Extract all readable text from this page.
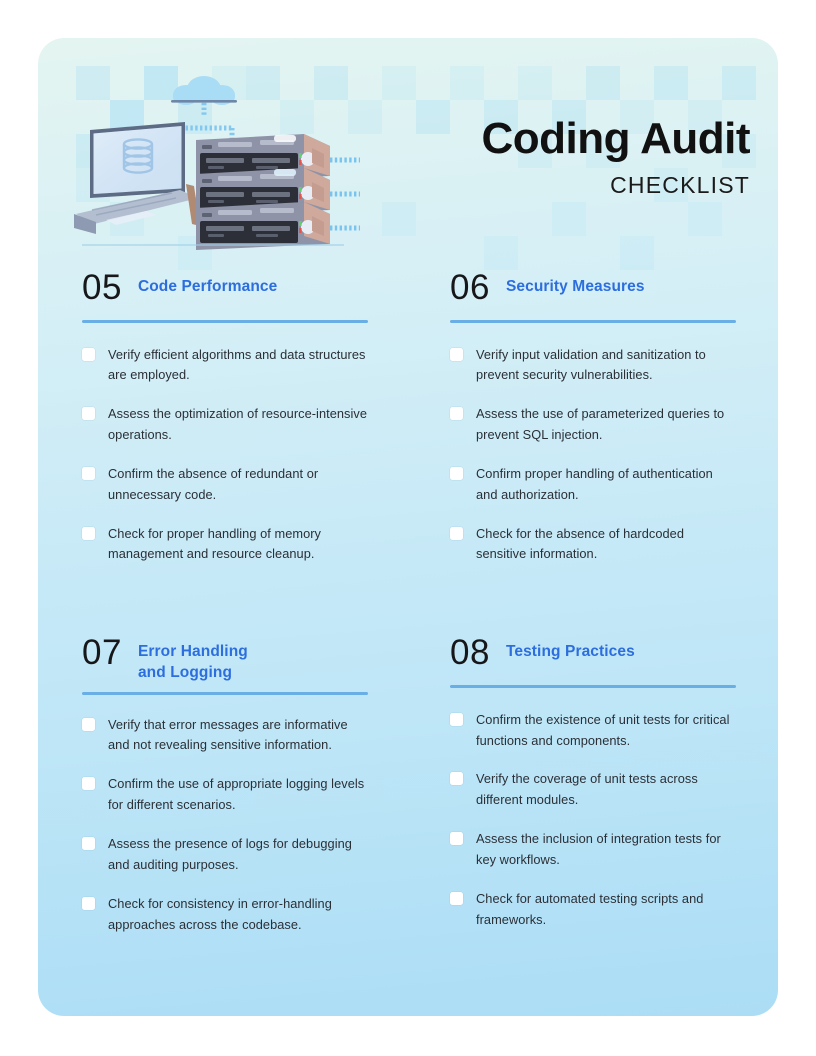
Coding Audit
CHECKLIST
05 Code Performance
Verify efficient algorithms and data structures are employed.
Assess the optimization of resource-intensive operations.
Confirm the absence of redundant or unnecessary code.
Check for proper handling of memory management and resource cleanup.
06 Security Measures
Verify input validation and sanitization to prevent security vulnerabilities.
Assess the use of parameterized queries to prevent SQL injection.
Confirm proper handling of authentication and authorization.
Check for the absence of hardcoded sensitive information.
07 Error Handling
and Logging
Verify that error messages are informative and not revealing sensitive information.
Confirm the use of appropriate logging levels for different scenarios.
Assess the presence of logs for debugging and auditing purposes.
Check for consistency in error-handling approaches across the codebase.
08 Testing Practices
Confirm the existence of unit tests for critical functions and components.
Verify the coverage of unit tests across different modules.
Assess the inclusion of integration tests for key workflows.
Check for automated testing scripts and frameworks.
